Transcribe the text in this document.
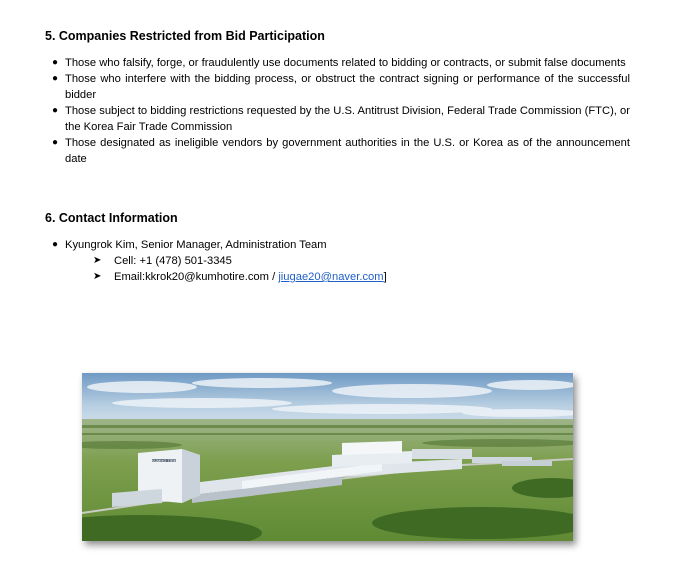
5. Companies Restricted from Bid Participation
● Those who falsify, forge, or fraudulently use documents related to bidding or contracts, or submit false documents
● Those who interfere with the bidding process, or obstruct the contract signing or performance of the successful bidder
● Those subject to bidding restrictions requested by the U.S. Antitrust Division, Federal Trade Commission (FTC), or the Korea Fair Trade Commission
● Those designated as ineligible vendors by government authorities in the U.S. or Korea as of the announcement date
6. Contact Information
● Kyungrok Kim, Senior Manager, Administration Team
➤ Cell: +1 (478) 501-3345
➤ Email:kkrok20@kumhotire.com / jiugae20@naver.com]
KUMHO TIRE
